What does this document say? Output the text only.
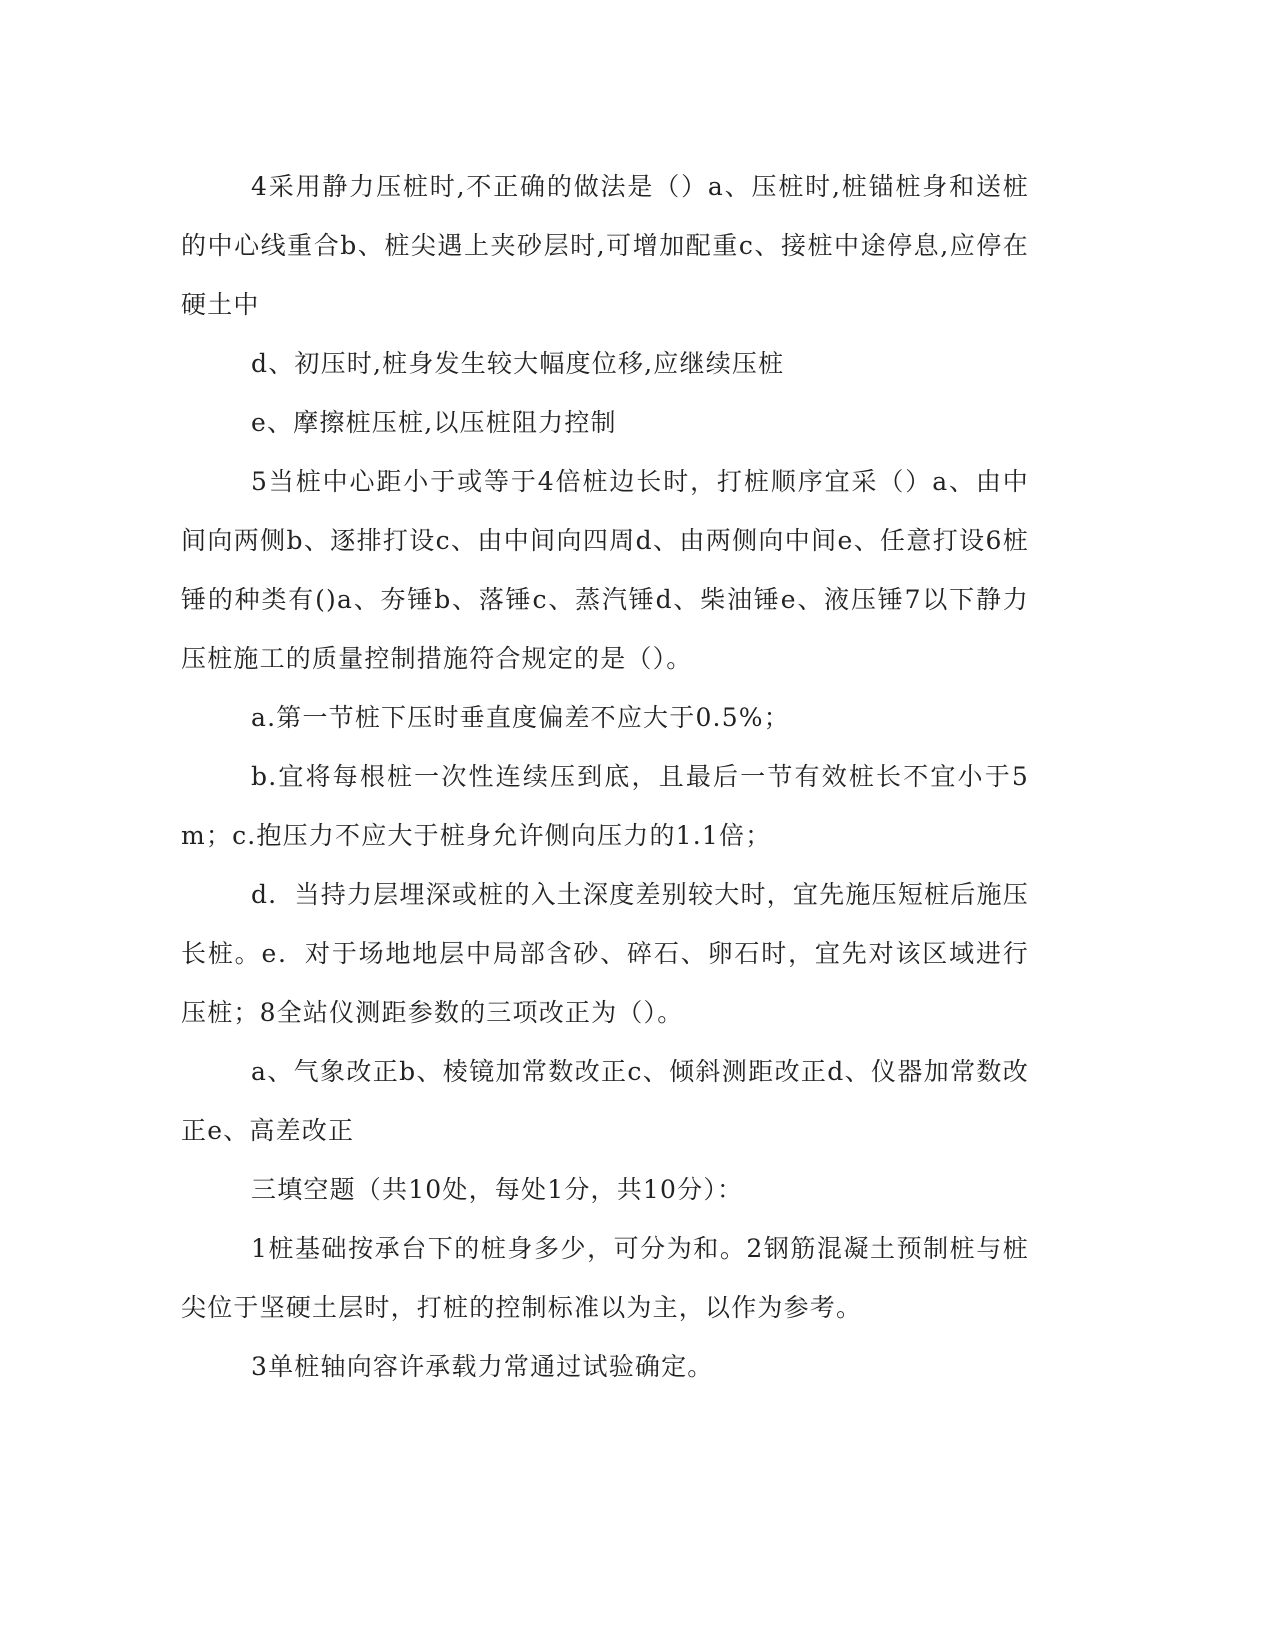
4采用静力压桩时,不正确的做法是（）a、压桩时,桩锚桩身和送桩的中心线重合b、桩尖遇上夹砂层时,可增加配重c、接桩中途停息,应停在硬土中

d、初压时,桩身发生较大幅度位移,应继续压桩

e、摩擦桩压桩,以压桩阻力控制

5当桩中心距小于或等于4倍桩边长时，打桩顺序宜采（）a、由中间向两侧b、逐排打设c、由中间向四周d、由两侧向中间e、任意打设6桩锤的种类有()a、夯锤b、落锤c、蒸汽锤d、柴油锤e、液压锤7以下静力压桩施工的质量控制措施符合规定的是（）。

a.第一节桩下压时垂直度偏差不应大于0.5%；

b.宜将每根桩一次性连续压到底，且最后一节有效桩长不宜小于5m；c.抱压力不应大于桩身允许侧向压力的1.1倍；

d．当持力层埋深或桩的入土深度差别较大时，宜先施压短桩后施压长桩。e．对于场地地层中局部含砂、碎石、卵石时，宜先对该区域进行压桩；8全站仪测距参数的三项改正为（）。

a、气象改正b、棱镜加常数改正c、倾斜测距改正d、仪器加常数改正e、高差改正

三填空题（共10处，每处1分，共10分）：

1桩基础按承台下的桩身多少，可分为和。2钢筋混凝土预制桩与桩尖位于坚硬土层时，打桩的控制标准以为主，以作为参考。

3单桩轴向容许承载力常通过试验确定。
